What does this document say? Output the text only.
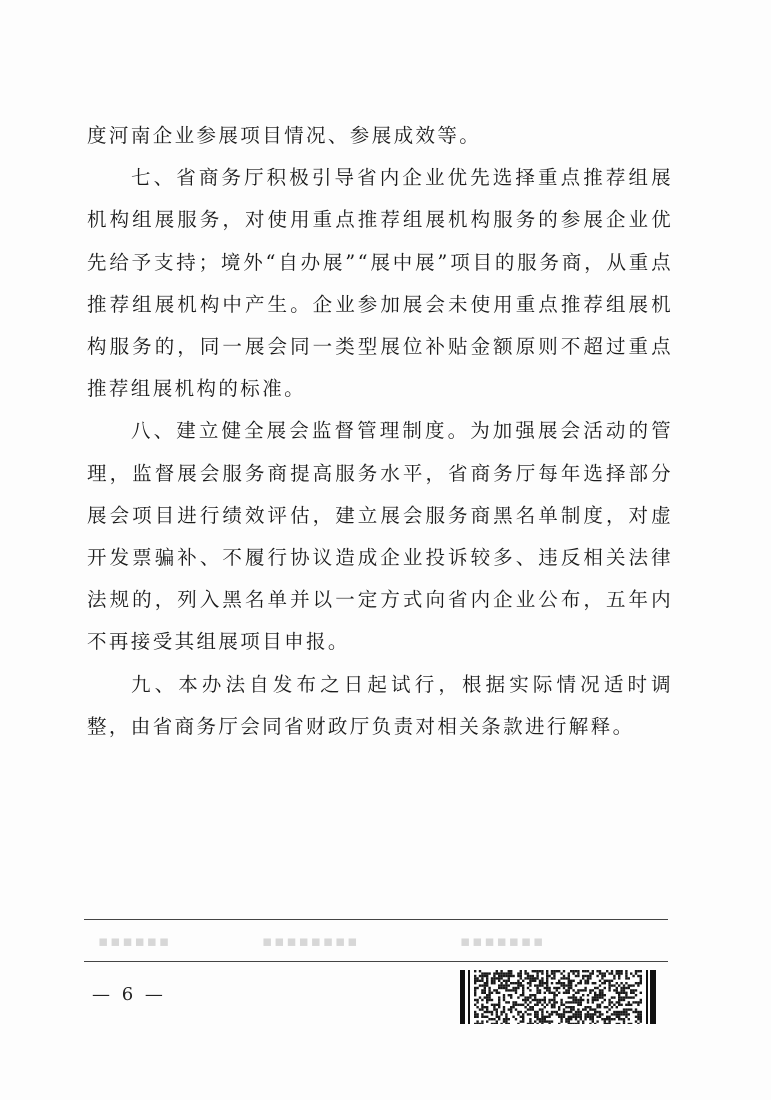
度河南企业参展项目情况、参展成效等。

七、省商务厅积极引导省内企业优先选择重点推荐组展机构组展服务，对使用重点推荐组展机构服务的参展企业优先给予支持；境外“自办展”“展中展”项目的服务商，从重点推荐组展机构中产生。企业参加展会未使用重点推荐组展机构服务的，同一展会同一类型展位补贴金额原则不超过重点推荐组展机构的标准。

八、建立健全展会监督管理制度。为加强展会活动的管理，监督展会服务商提高服务水平，省商务厅每年选择部分展会项目进行绩效评估，建立展会服务商黑名单制度，对虚开发票骗补、不履行协议造成企业投诉较多、违反相关法律法规的，列入黑名单并以一定方式向省内企业公布，五年内不再接受其组展项目申报。

九、本办法自发布之日起试行，根据实际情况适时调整，由省商务厅会同省财政厅负责对相关条款进行解释。

▪▪▪▪▪▪	▪▪▪▪▪▪▪▪	▪▪▪▪▪▪▪
— 6 —
